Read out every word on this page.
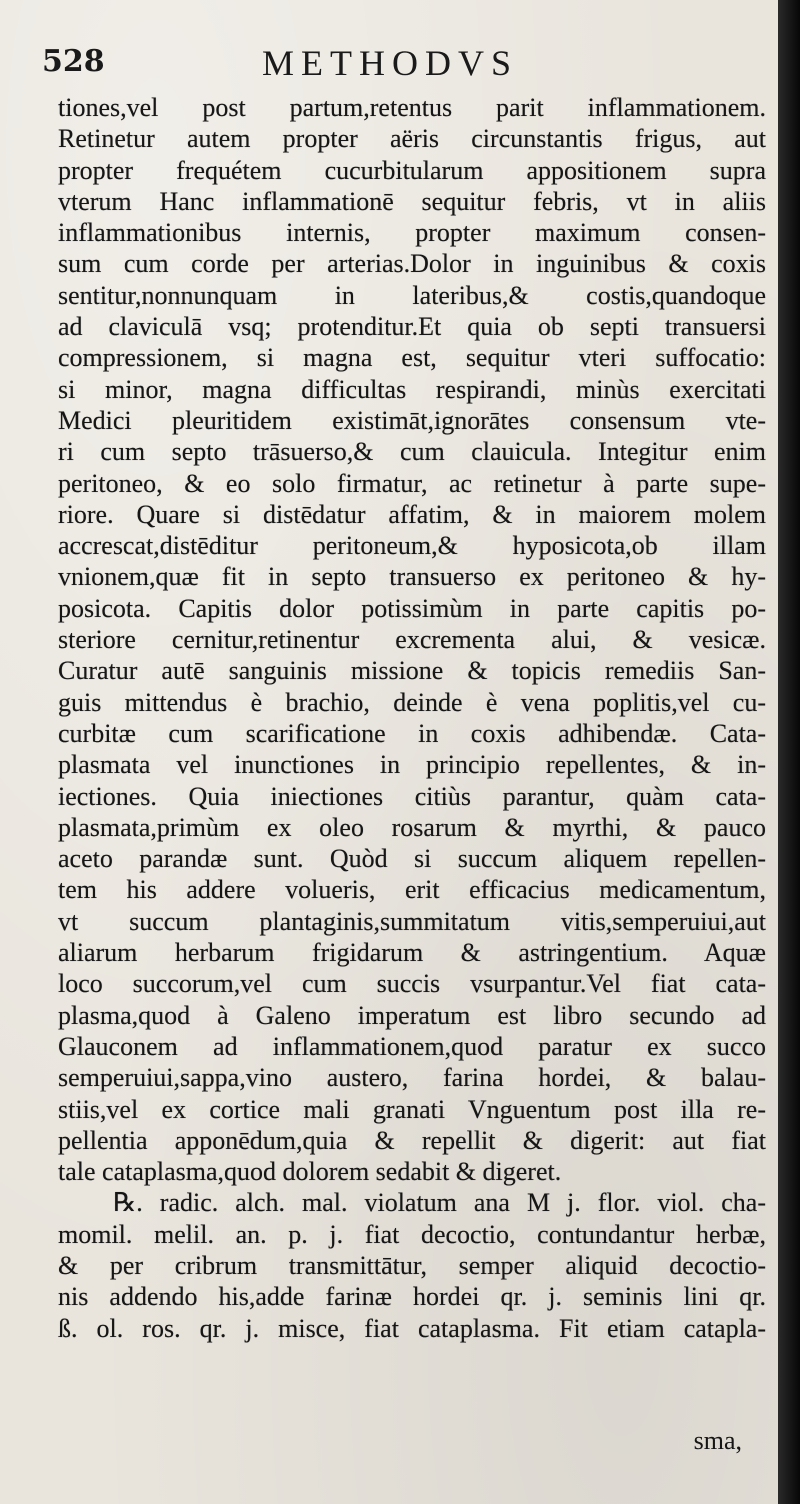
528	METHODVS
tiones,vel post partum,retentus parit inflammationem.
Retinetur autem propter aëris circunstantis frigus, aut
propter frequétem cucurbitularum appositionem supra
vterum Hanc inflammationē sequitur febris, vt in aliis
inflammationibus internis, propter maximum consen-
sum cum corde per arterias.Dolor in inguinibus & coxis
sentitur,nonnunquam in lateribus,& costis,quandoque
ad claviculā vsq; protenditur.Et quia ob septi transuersi
compressionem, si magna est, sequitur vteri suffocatio:
si minor, magna difficultas respirandi, minùs exercitati
Medici pleuritidem existimāt,ignorātes consensum vte-
ri cum septo trāsuerso,& cum clauicula. Integitur enim
peritoneo, & eo solo firmatur, ac retinetur à parte supe-
riore. Quare si distēdatur affatim, & in maiorem molem
accrescat,distēditur peritoneum,& hyposicota,ob illam
vnionem,quæ fit in septo transuerso ex peritoneo & hy-
posicota. Capitis dolor potissimùm in parte capitis po-
steriore cernitur,retinentur excrementa alui, & vesicæ.
Curatur autē sanguinis missione & topicis remediis San-
guis mittendus è brachio, deinde è vena poplitis,vel cu-
curbitæ cum scarificatione in coxis adhibendæ. Cata-
plasmata vel inunctiones in principio repellentes, & in-
iectiones. Quia iniectiones citiùs parantur, quàm cata-
plasmata,primùm ex oleo rosarum & myrthi, & pauco
aceto parandæ sunt. Quòd si succum aliquem repellen-
tem his addere volueris, erit efficacius medicamentum,
vt succum plantaginis,summitatum vitis,semperuiui,aut
aliarum herbarum frigidarum & astringentium. Aquæ
loco succorum,vel cum succis vsurpantur.Vel fiat cata-
plasma,quod à Galeno imperatum est libro secundo ad
Glauconem ad inflammationem,quod paratur ex succo
semperuiui,sappa,vino austero, farina hordei, & balau-
stiis,vel ex cortice mali granati Vnguentum post illa re-
pellentia apponēdum,quia & repellit & digerit: aut fiat
tale cataplasma,quod dolorem sedabit & digeret.
℞. radic. alch. mal. violatum ana M j. flor. viol. cha-
momil. melil. an. p. j. fiat decoctio, contundantur herbæ,
& per cribrum transmittātur, semper aliquid decoctio-
nis addendo his,adde farinæ hordei qr. j. seminis lini qr.
ß. ol. ros. qr. j. misce, fiat cataplasma. Fit etiam catapla-
sma,
